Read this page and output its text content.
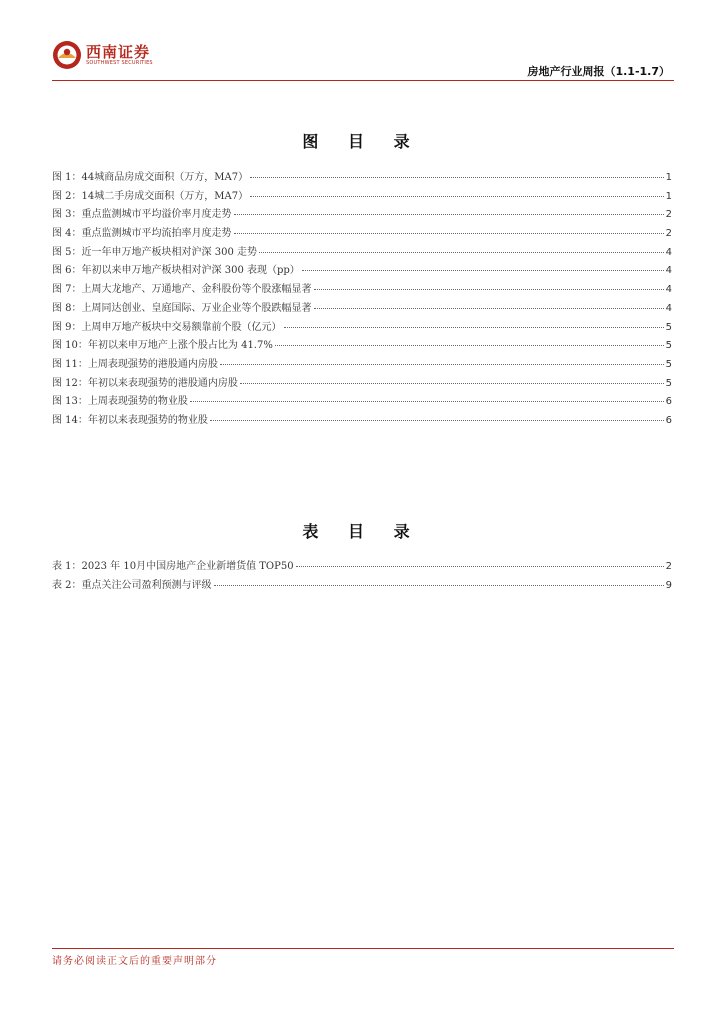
西南证券
SOUTHWEST SECURITIES
房地产行业周报（1.1-1.7）
图 目 录
图 1：44城商品房成交面积（万方，MA7）	1
图 2：14城二手房成交面积（万方，MA7）	1
图 3：重点监测城市平均溢价率月度走势	2
图 4：重点监测城市平均流拍率月度走势	2
图 5：近一年申万地产板块相对沪深 300 走势	4
图 6：年初以来申万地产板块相对沪深 300 表现（pp）	4
图 7：上周大龙地产、万通地产、金科股份等个股涨幅显著	4
图 8：上周同达创业、皇庭国际、万业企业等个股跌幅显著	4
图 9：上周申万地产板块中交易额靠前个股（亿元）	5
图 10：年初以来申万地产上涨个股占比为 41.7%	5
图 11：上周表现强势的港股通内房股	5
图 12：年初以来表现强势的港股通内房股	5
图 13：上周表现强势的物业股	6
图 14：年初以来表现强势的物业股	6
表 目 录
表 1：2023 年 10月中国房地产企业新增货值 TOP50	2
表 2：重点关注公司盈利预测与评级	9
请务必阅读正文后的重要声明部分
